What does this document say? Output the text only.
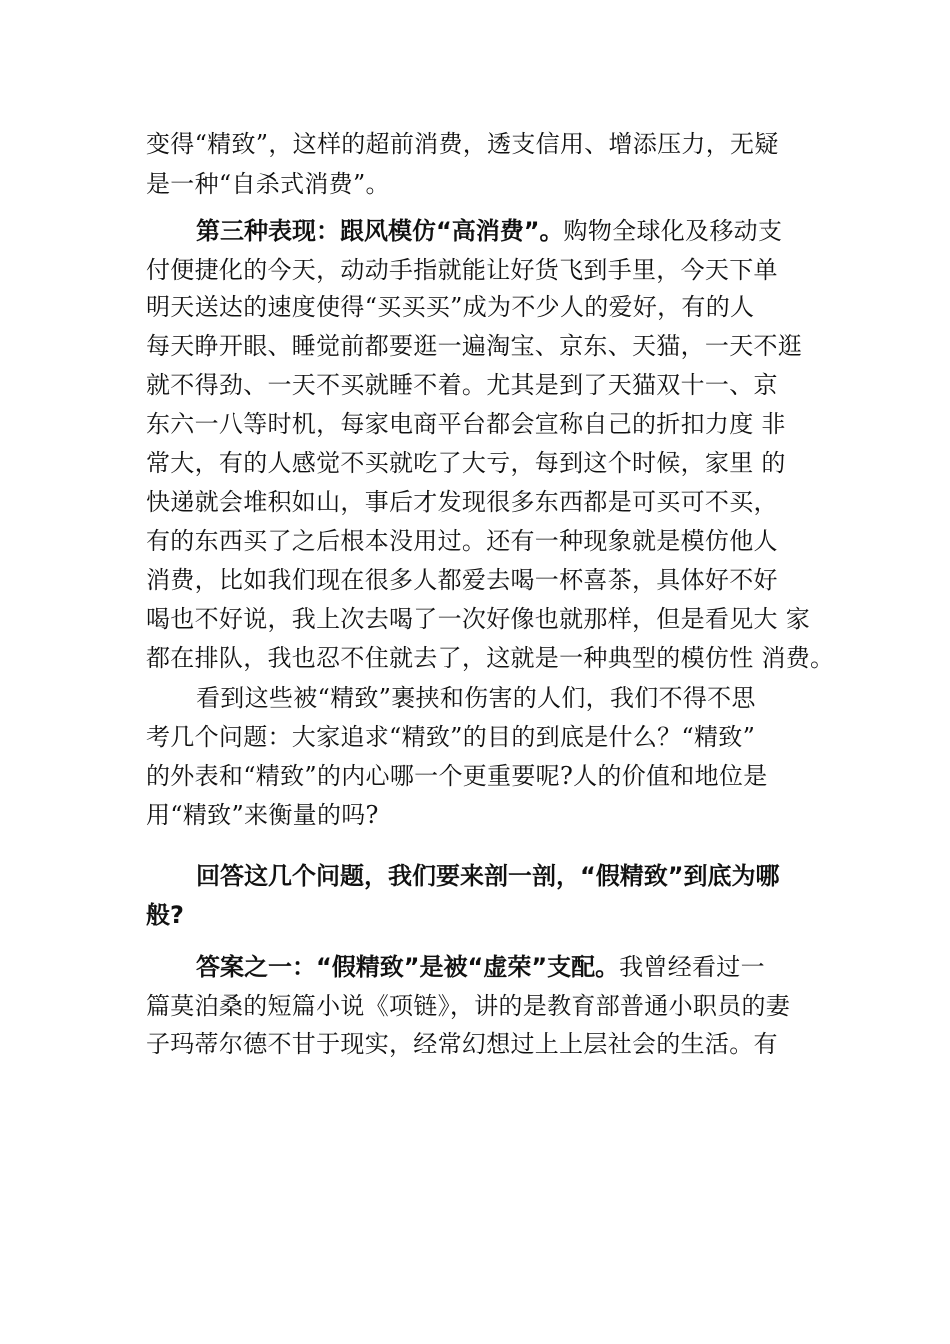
变得“精致”，这样的超前消费，透支信用、增添压力，无疑
是一种“自杀式消费”。
第三种表现：跟风模仿“高消费”。购物全球化及移动支
付便捷化的今天，动动手指就能让好货飞到手里，今天下单
明天送达的速度使得“买买买”成为不少人的爱好，有的人
每天睁开眼、睡觉前都要逛一遍淘宝、京东、天猫，一天不逛
就不得劲、一天不买就睡不着。尤其是到了天猫双十一、京
东六一八等时机，每家电商平台都会宣称自己的折扣力度 非
常大，有的人感觉不买就吃了大亏，每到这个时候，家里 的
快递就会堆积如山，事后才发现很多东西都是可买可不买，
有的东西买了之后根本没用过。还有一种现象就是模仿他人
消费，比如我们现在很多人都爱去喝一杯喜茶，具体好不好
喝也不好说，我上次去喝了一次好像也就那样，但是看见大 家
都在排队，我也忍不住就去了，这就是一种典型的模仿性 消费。
看到这些被“精致”裹挟和伤害的人们，我们不得不思
考几个问题：大家追求“精致”的目的到底是什么？“精致”
的外表和“精致”的内心哪一个更重要呢?人的价值和地位是
用“精致”来衡量的吗?
回答这几个问题，我们要来剖一剖，“假精致”到底为哪
般?
答案之一：“假精致”是被“虚荣”支配。我曾经看过一
篇莫泊桑的短篇小说《项链》，讲的是教育部普通小职员的妻
子玛蒂尔德不甘于现实，经常幻想过上上层社会的生活。有
